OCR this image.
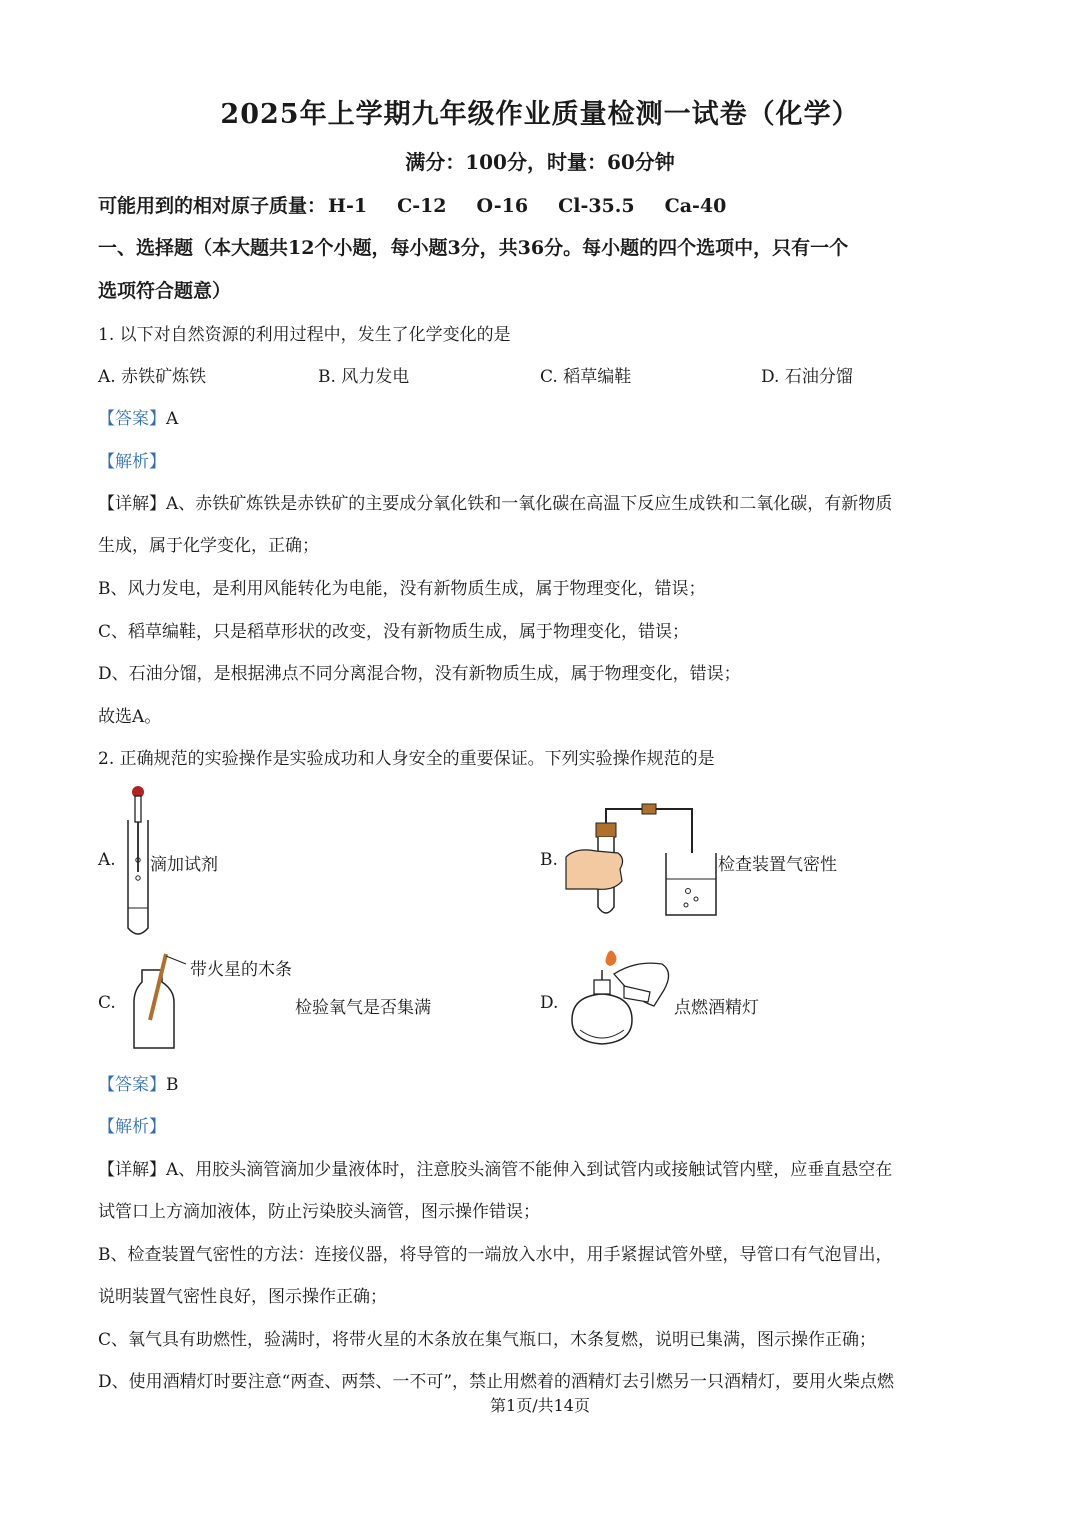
2025年上学期九年级作业质量检测一试卷（化学）
满分：100分，时量：60分钟
可能用到的相对原子质量： H-1 C-12 O-16 Cl-35.5 Ca-40
一、选择题（本大题共12个小题，每小题3分，共36分。每小题的四个选项中，只有一个
选项符合题意）
1. 以下对自然资源的利用过程中，发生了化学变化的是
A. 赤铁矿炼铁	B. 风力发电	C. 稻草编鞋	D. 石油分馏
【答案】A
【解析】
【详解】A、赤铁矿炼铁是赤铁矿的主要成分氧化铁和一氧化碳在高温下反应生成铁和二氧化碳，有新物质
生成，属于化学变化，正确；
B、风力发电，是利用风能转化为电能，没有新物质生成，属于物理变化，错误；
C、稻草编鞋，只是稻草形状的改变，没有新物质生成，属于物理变化，错误；
D、石油分馏，是根据沸点不同分离混合物，没有新物质生成，属于物理变化，错误；
故选A。
2. 正确规范的实验操作是实验成功和人身安全的重要保证。下列实验操作规范的是
A. 滴加试剂	B.	检查装置气密性
C.
带火星的木条
检验氧气是否集满	D.	点燃酒精灯
【答案】B
【解析】
【详解】A、用胶头滴管滴加少量液体时，注意胶头滴管不能伸入到试管内或接触试管内壁，应垂直悬空在
试管口上方滴加液体，防止污染胶头滴管，图示操作错误；
B、检查装置气密性的方法：连接仪器，将导管的一端放入水中，用手紧握试管外壁，导管口有气泡冒出，
说明装置气密性良好，图示操作正确；
C、氧气具有助燃性，验满时，将带火星的木条放在集气瓶口，木条复燃，说明已集满，图示操作正确；
D、使用酒精灯时要注意“两查、两禁、一不可”，禁止用燃着的酒精灯去引燃另一只酒精灯，要用火柴点燃
第1页/共14页
